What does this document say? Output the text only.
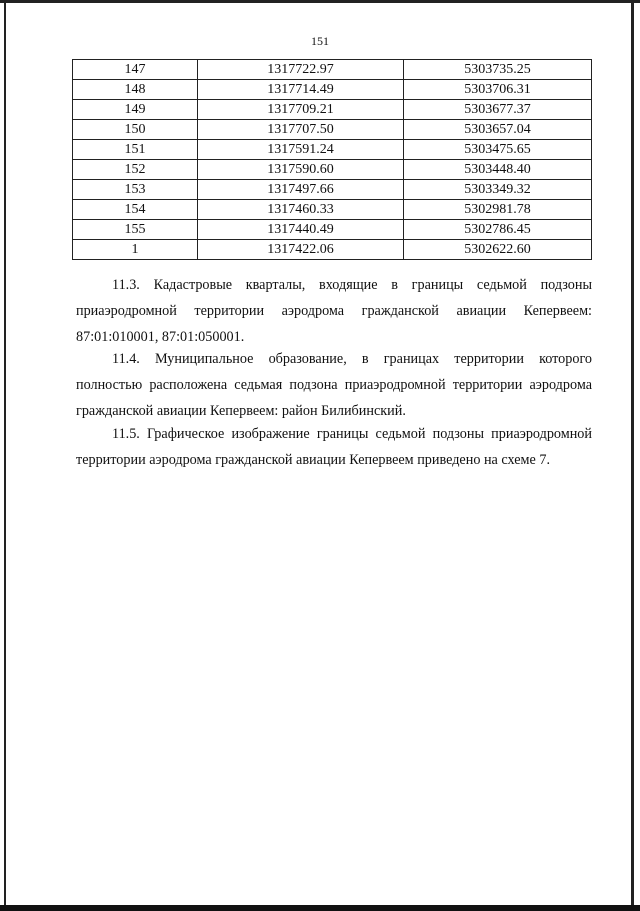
151
147	1317722.97	5303735.25
148	1317714.49	5303706.31
149	1317709.21	5303677.37
150	1317707.50	5303657.04
151	1317591.24	5303475.65
152	1317590.60	5303448.40
153	1317497.66	5303349.32
154	1317460.33	5302981.78
155	1317440.49	5302786.45
1	1317422.06	5302622.60

11.3. Кадастровые кварталы, входящие в границы седьмой подзоны приаэродромной территории аэродрома гражданской авиации Кепервеем: 87:01:010001, 87:01:050001.

11.4. Муниципальное образование, в границах территории которого полностью расположена седьмая подзона приаэродромной территории аэродрома гражданской авиации Кепервеем: район Билибинский.

11.5. Графическое изображение границы седьмой подзоны приаэродромной территории аэродрома гражданской авиации Кепервеем приведено на схеме 7.
